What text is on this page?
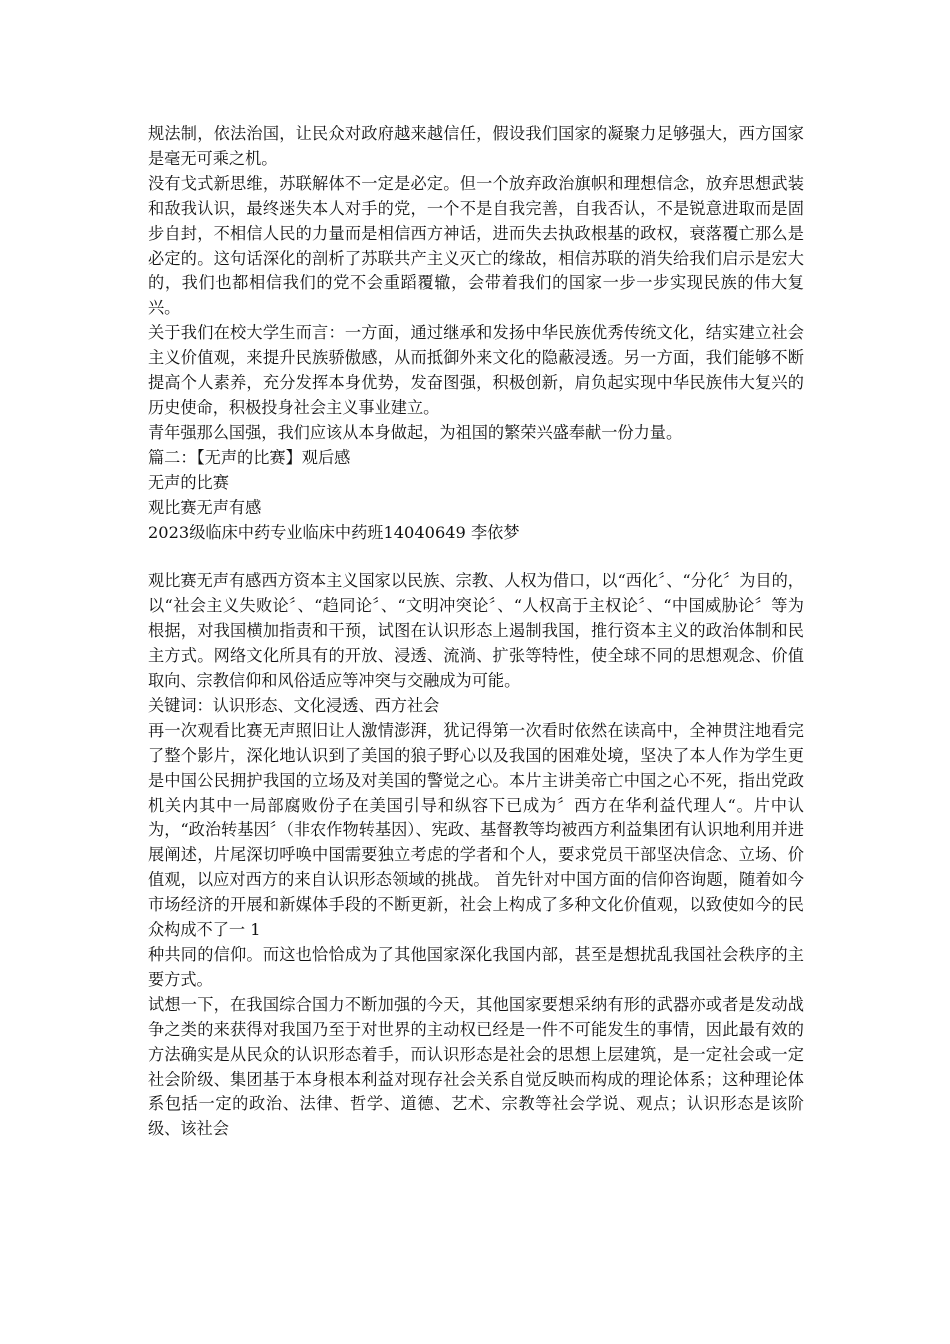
规法制，依法治国，让民众对政府越来越信任，假设我们国家的凝聚力足够强大，西方国家是毫无可乘之机。

没有戈式新思维，苏联解体不一定是必定。但一个放弃政治旗帜和理想信念，放弃思想武装和敌我认识，最终迷失本人对手的党，一个不是自我完善，自我否认，不是锐意进取而是固步自封，不相信人民的力量而是相信西方神话，进而失去执政根基的政权，衰落覆亡那么是必定的。这句话深化的剖析了苏联共产主义灭亡的缘故，相信苏联的消失给我们启示是宏大的，我们也都相信我们的党不会重蹈覆辙，会带着我们的国家一步一步实现民族的伟大复兴。

关于我们在校大学生而言：一方面，通过继承和发扬中华民族优秀传统文化，结实建立社会主义价值观，来提升民族骄傲感，从而抵御外来文化的隐蔽浸透。另一方面，我们能够不断提高个人素养，充分发挥本身优势，发奋图强，积极创新，肩负起实现中华民族伟大复兴的历史使命，积极投身社会主义事业建立。

青年强那么国强，我们应该从本身做起，为祖国的繁荣兴盛奉献一份力量。

篇二：【无声的比赛】观后感

无声的比赛

观比赛无声有感

2023级临床中药专业临床中药班14040649 李依梦

观比赛无声有感西方资本主义国家以民族、宗教、人权为借口，以“西化〞、“分化〞为目的，以“社会主义失败论〞、“趋同论〞、“文明冲突论〞、“人权高于主权论〞、“中国威胁论〞等为根据，对我国横加指责和干预，试图在认识形态上遏制我国，推行资本主义的政治体制和民主方式。网络文化所具有的开放、浸透、流淌、扩张等特性，使全球不同的思想观念、价值取向、宗教信仰和风俗适应等冲突与交融成为可能。

关键词：认识形态、文化浸透、西方社会

再一次观看比赛无声照旧让人激情澎湃，犹记得第一次看时依然在读高中，全神贯注地看完了整个影片，深化地认识到了美国的狼子野心以及我国的困难处境，坚决了本人作为学生更是中国公民拥护我国的立场及对美国的警觉之心。本片主讲美帝亡中国之心不死，指出党政机关内其中一局部腐败份子在美国引导和纵容下已成为〞西方在华利益代理人“。片中认为，“政治转基因〞（非农作物转基因）、宪政、基督教等均被西方利益集团有认识地利用并进展阐述，片尾深切呼唤中国需要独立考虑的学者和个人，要求党员干部坚决信念、立场、价值观，以应对西方的来自认识形态领域的挑战。 首先针对中国方面的信仰咨询题，随着如今市场经济的开展和新媒体手段的不断更新，社会上构成了多种文化价值观，以致使如今的民众构成不了一 1

种共同的信仰。而这也恰恰成为了其他国家深化我国内部，甚至是想扰乱我国社会秩序的主要方式。

试想一下，在我国综合国力不断加强的今天，其他国家要想采纳有形的武器亦或者是发动战争之类的来获得对我国乃至于对世界的主动权已经是一件不可能发生的事情，因此最有效的方法确实是从民众的认识形态着手，而认识形态是社会的思想上层建筑，是一定社会或一定社会阶级、集团基于本身根本利益对现存社会关系自觉反映而构成的理论体系；这种理论体系包括一定的政治、法律、哲学、道德、艺术、宗教等社会学说、观点；认识形态是该阶级、该社会
